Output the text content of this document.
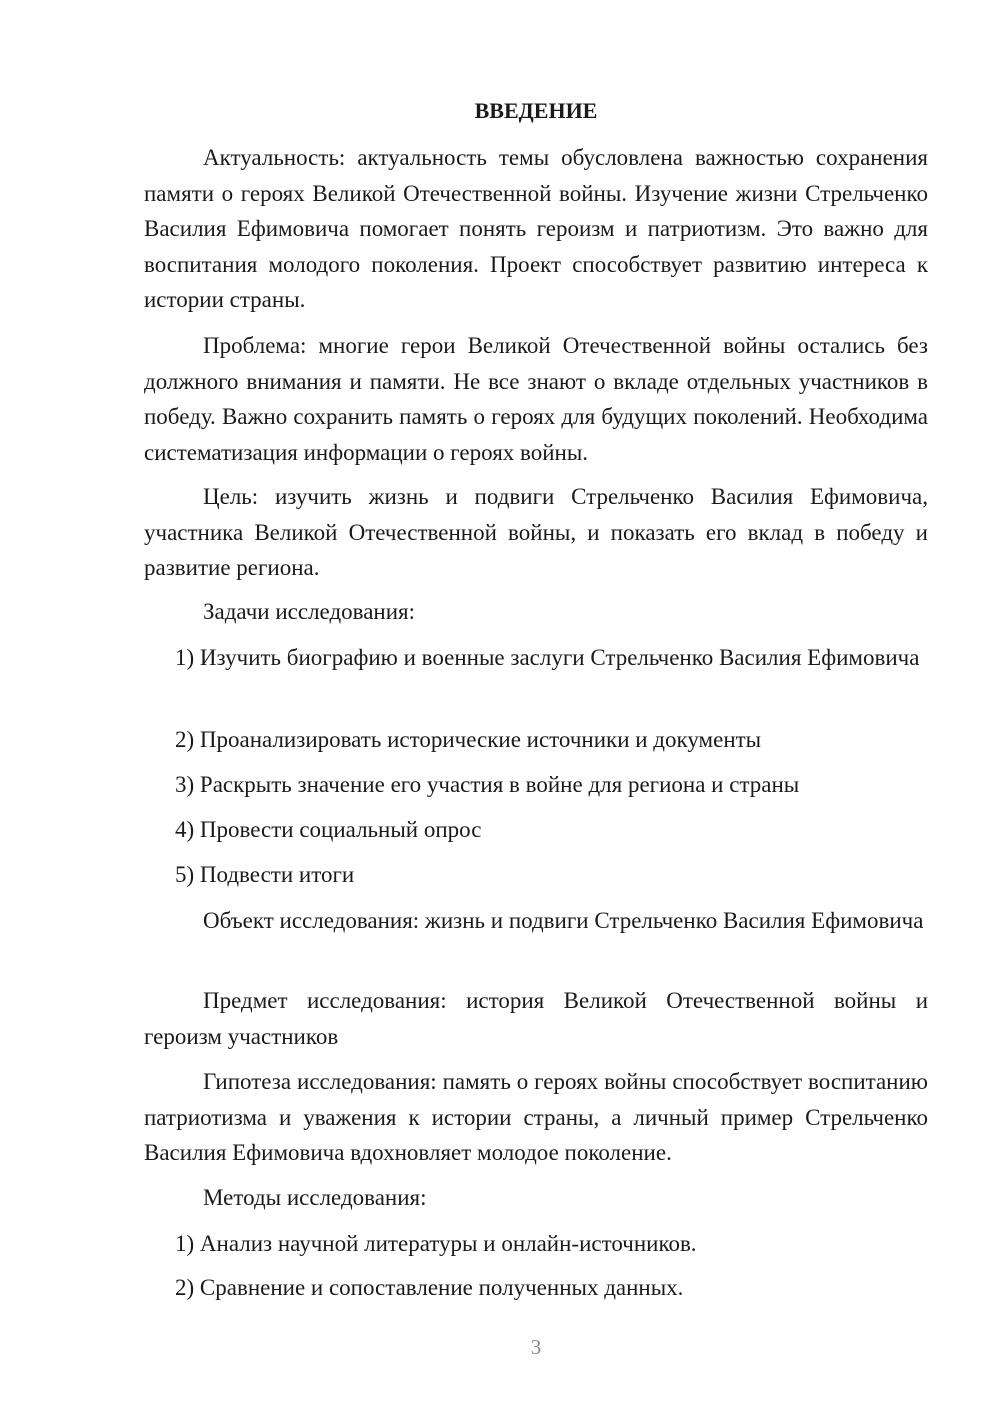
ВВЕДЕНИЕ

Актуальность: актуальность темы обусловлена важностью сохранения памяти о героях Великой Отечественной войны. Изучение жизни Стрельченко Василия Ефимовича помогает понять героизм и патриотизм. Это важно для воспитания молодого поколения. Проект способствует развитию интереса к истории страны.

Проблема: многие герои Великой Отечественной войны остались без должного внимания и памяти. Не все знают о вкладе отдельных участников в победу. Важно сохранить память о героях для будущих поколений. Необходима систематизация информации о героях войны.

Цель: изучить жизнь и подвиги Стрельченко Василия Ефимовича, участника Великой Отечественной войны, и показать его вклад в победу и развитие региона.

Задачи исследования:

1) Изучить биографию и военные заслуги Стрельченко Василия Ефимовича

2) Проанализировать исторические источники и документы

3) Раскрыть значение его участия в войне для региона и страны

4) Провести социальный опрос

5) Подвести итоги

Объект исследования: жизнь и подвиги Стрельченко Василия Ефимовича

Предмет исследования: история Великой Отечественной войны и героизм участников

Гипотеза исследования: память о героях войны способствует воспитанию патриотизма и уважения к истории страны, а личный пример Стрельченко Василия Ефимовича вдохновляет молодое поколение.

Методы исследования:

1) Анализ научной литературы и онлайн-источников.

2) Сравнение и сопоставление полученных данных.

3
